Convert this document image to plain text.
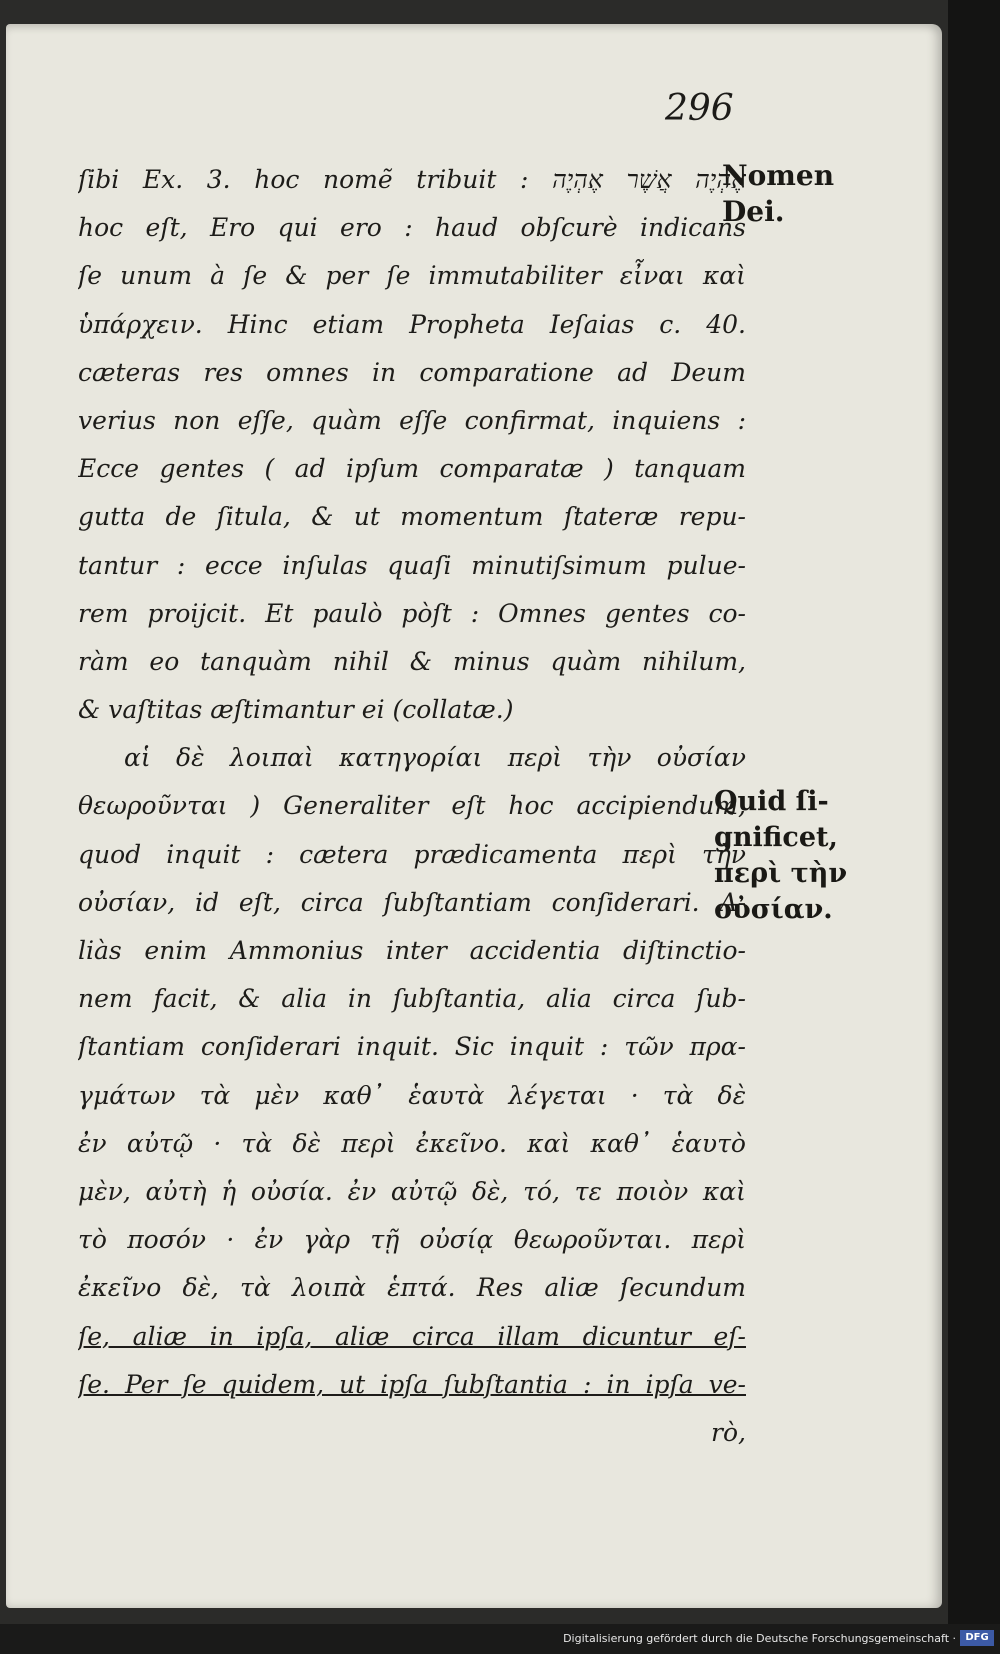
296
ſibi Ex. 3. hoc nomẽ tribuit : אֶהְיֶה אֲשֶׁר אֶהְיֶה
hoc eſt, Ero qui ero : haud obſcurè indicans
ſe unum à ſe & per ſe immutabiliter εἶναι καὶ
ὑπάρχειν. Hinc etiam Propheta Ieſaias c. 40.
cæteras res omnes in comparatione ad Deum
verius non eſſe, quàm eſſe confirmat, inquiens :
Ecce gentes ( ad ipſum comparatæ ) tanquam
gutta de ſitula, & ut momentum ſtateræ repu-
tantur : ecce inſulas quaſi minutiſsimum pulue-
rem proijcit. Et paulò pòſt : Omnes gentes co-
ràm eo tanquàm nihil & minus quàm nihilum,
& vaſtitas æſtimantur ei (collatæ.)
αἱ δὲ λοιπαὶ κατηγορίαι περὶ τὴν οὐσίαν
θεωροῦνται ) Generaliter eſt hoc accipiendum,
quod inquit : cætera prædicamenta περὶ τὴν
οὐσίαν, id eſt, circa ſubſtantiam conſiderari. A-
liàs enim Ammonius inter accidentia diſtinctio-
nem facit, & alia in ſubſtantia, alia circa ſub-
ſtantiam conſiderari inquit. Sic inquit : τῶν πρα-
γμάτων τὰ μὲν καθ᾽ ἑαυτὰ λέγεται · τὰ δὲ
ἐν αὐτῷ · τὰ δὲ περὶ ἐκεῖνο. καὶ καθ᾽ ἑαυτὸ
μὲν, αὐτὴ ἡ οὐσία. ἐν αὐτῷ δὲ, τό, τε ποιὸν καὶ
τὸ ποσόν · ἐν γὰρ τῇ οὐσίᾳ θεωροῦνται. περὶ
ἐκεῖνο δὲ, τὰ λοιπὰ ἑπτά. Res aliæ ſecundum
ſe, aliæ in ipſa, aliæ circa illam dicuntur eſ-
ſe. Per ſe quidem, ut ipſa ſubſtantia : in ipſa ve-
rò,
Nomen
Dei.
Quid ſi-
gnificet,
περὶ τὴν
οὐσίαν.
Digitalisierung gefördert durch die Deutsche Forschungsgemeinschaft · DFG
